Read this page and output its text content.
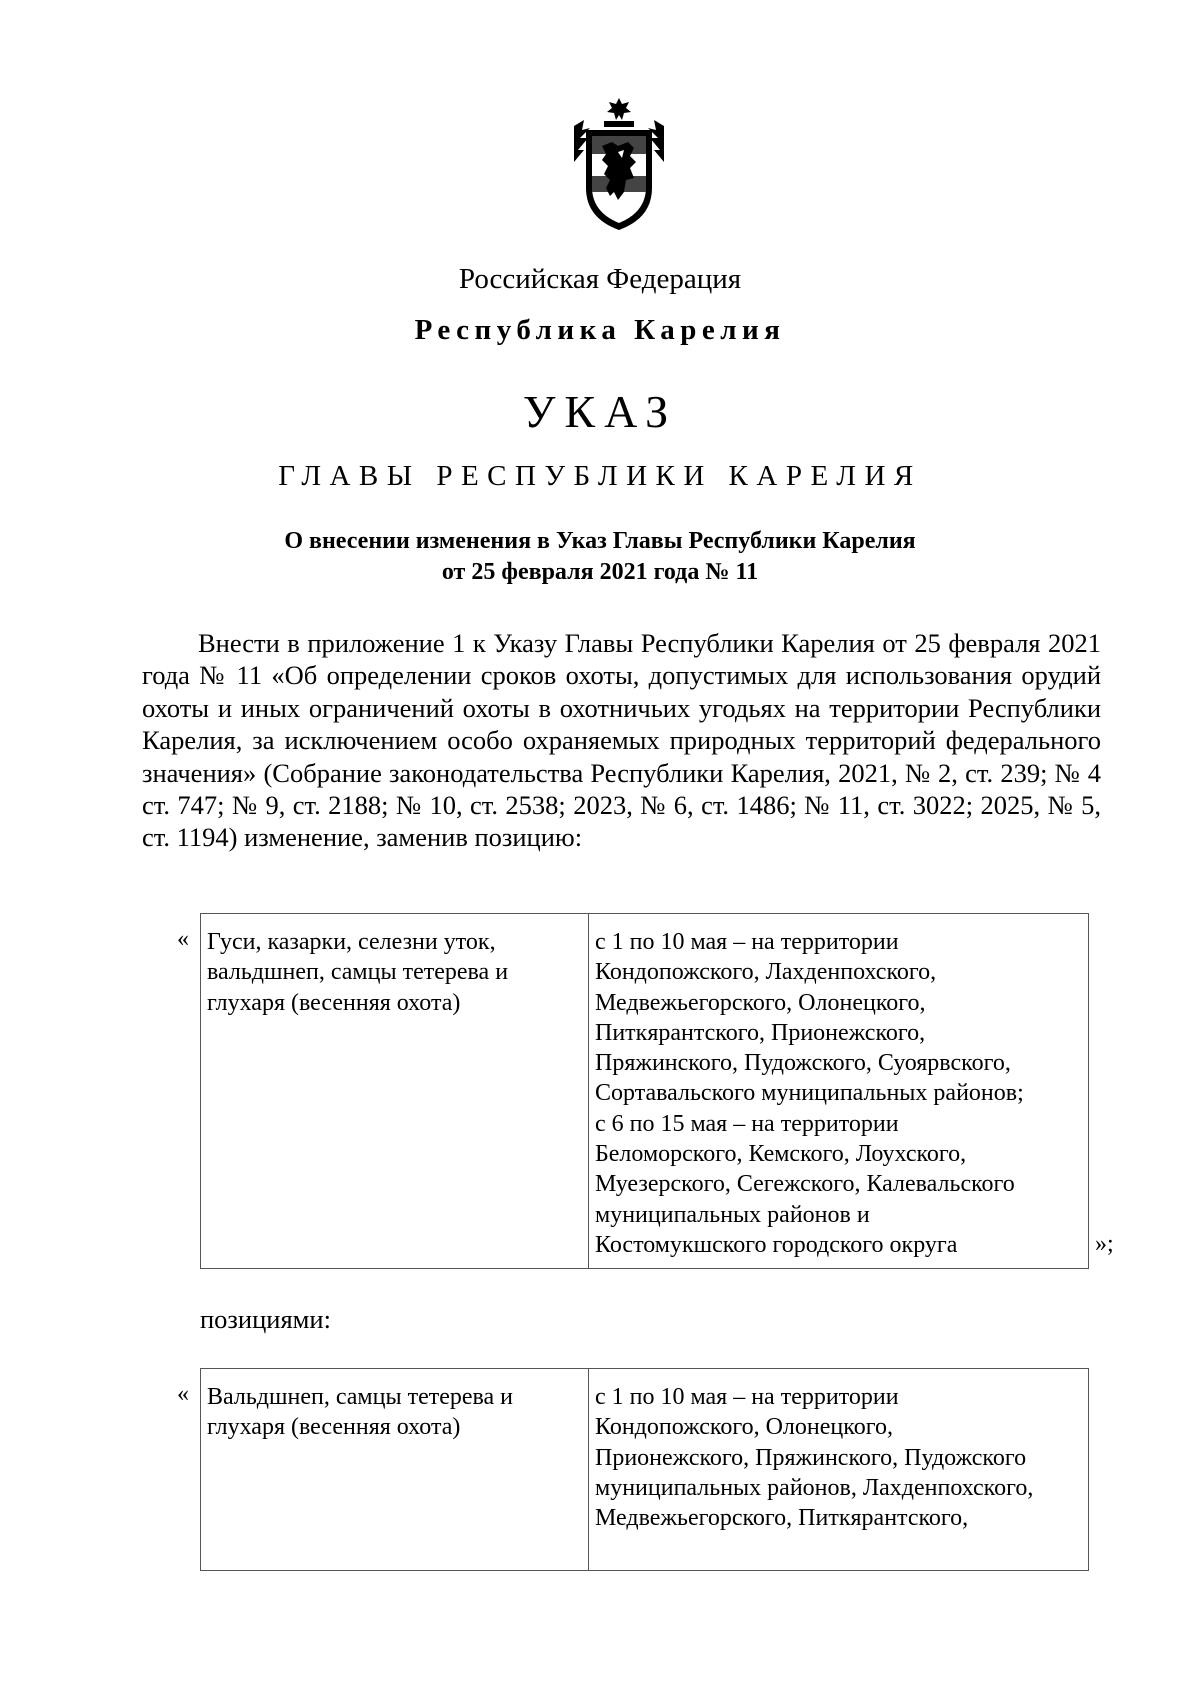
Российская Федерация
Республика Карелия
УКАЗ
ГЛАВЫ РЕСПУБЛИКИ КАРЕЛИЯ
О внесении изменения в Указ Главы Республики Карелия
от 25 февраля 2021 года № 11

Внести в приложение 1 к Указу Главы Республики Карелия от 25 февраля 2021 года № 11 «Об определении сроков охоты, допустимых для использования орудий охоты и иных ограничений охоты в охотничьих угодьях на территории Республики Карелия, за исключением особо охраняемых природных территорий федерального значения» (Собрание законодательства Республики Карелия, 2021, № 2, ст. 239; № 4 ст. 747; № 9, ст. 2188; № 10, ст. 2538; 2023, № 6, ст. 1486; № 11, ст. 3022; 2025, № 5, ст. 1194) изменение, заменив позицию:

« Гуси, казарки, селезни уток,
вальдшнеп, самцы тетерева и
глухаря (весенняя охота)
с 1 по 10 мая – на территории
Кондопожского, Лахденпохского,
Медвежьегорского, Олонецкого,
Питкярантского, Прионежского,
Пряжинского, Пудожского, Суоярвского,
Сортавальского муниципальных районов;
с 6 по 15 мая – на территории
Беломорского, Кемского, Лоухского,
Муезерского, Сегежского, Калевальского
муниципальных районов и
Костомукшского городского округа	»;
позициями:
« Вальдшнеп, самцы тетерева и
глухаря (весенняя охота)
с 1 по 10 мая – на территории
Кондопожского, Олонецкого,
Прионежского, Пряжинского, Пудожского
муниципальных районов, Лахденпохского,
Медвежьегорского, Питкярантского,
